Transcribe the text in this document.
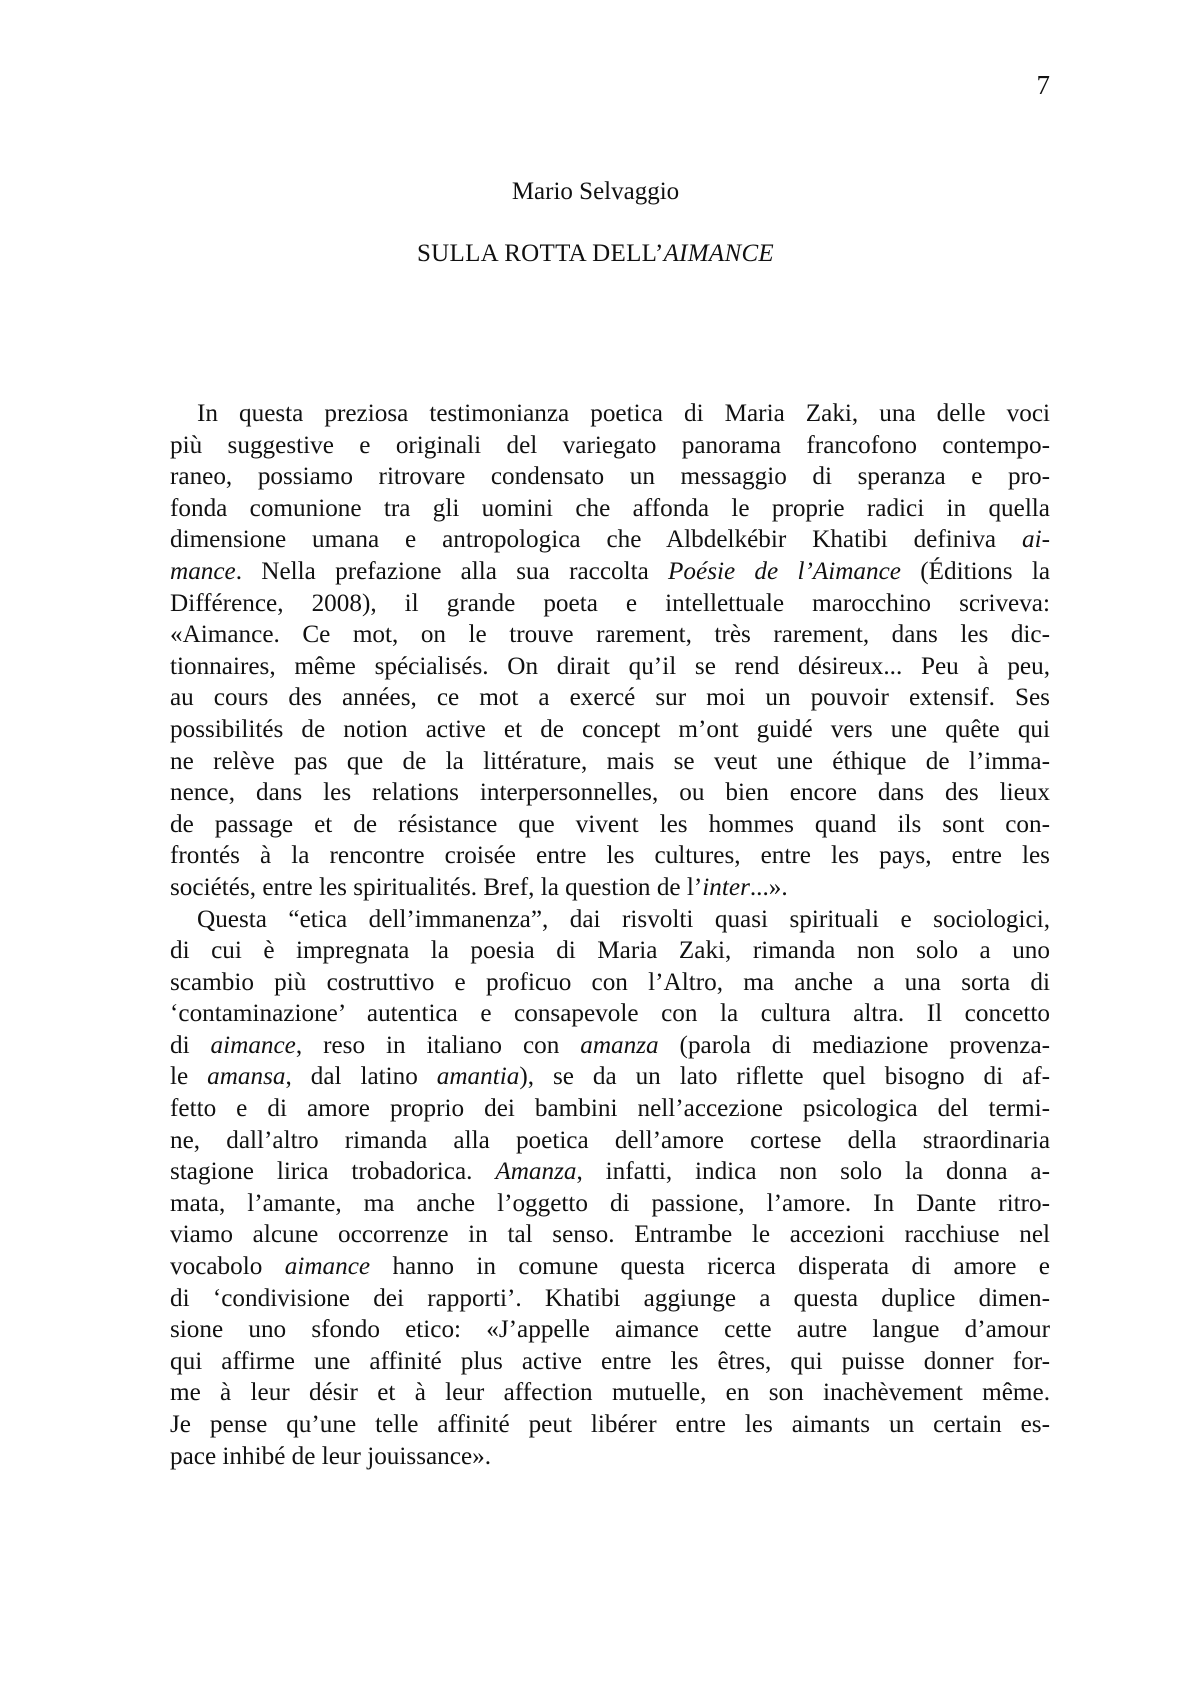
7
Mario Selvaggio
SULLA ROTTA DELL’AIMANCE
In questa preziosa testimonianza poetica di Maria Zaki, una delle voci
più suggestive e originali del variegato panorama francofono contempo-
raneo, possiamo ritrovare condensato un messaggio di speranza e pro-
fonda comunione tra gli uomini che affonda le proprie radici in quella
dimensione umana e antropologica che Albdelkébir Khatibi definiva ai-
mance. Nella prefazione alla sua raccolta Poésie de l’Aimance (Éditions la
Différence, 2008), il grande poeta e intellettuale marocchino scriveva:
«Aimance. Ce mot, on le trouve rarement, très rarement, dans les dic-
tionnaires, même spécialisés. On dirait qu’il se rend désireux... Peu à peu,
au cours des années, ce mot a exercé sur moi un pouvoir extensif. Ses
possibilités de notion active et de concept m’ont guidé vers une quête qui
ne relève pas que de la littérature, mais se veut une éthique de l’imma-
nence, dans les relations interpersonnelles, ou bien encore dans des lieux
de passage et de résistance que vivent les hommes quand ils sont con-
frontés à la rencontre croisée entre les cultures, entre les pays, entre les
sociétés, entre les spiritualités. Bref, la question de l’inter...».
Questa “etica dell’immanenza”, dai risvolti quasi spirituali e sociologici,
di cui è impregnata la poesia di Maria Zaki, rimanda non solo a uno
scambio più costruttivo e proficuo con l’Altro, ma anche a una sorta di
‘contaminazione’ autentica e consapevole con la cultura altra. Il concetto
di aimance, reso in italiano con amanza (parola di mediazione provenza-
le amansa, dal latino amantia), se da un lato riflette quel bisogno di af-
fetto e di amore proprio dei bambini nell’accezione psicologica del termi-
ne, dall’altro rimanda alla poetica dell’amore cortese della straordinaria
stagione lirica trobadorica. Amanza, infatti, indica non solo la donna a-
mata, l’amante, ma anche l’oggetto di passione, l’amore. In Dante ritro-
viamo alcune occorrenze in tal senso. Entrambe le accezioni racchiuse nel
vocabolo aimance hanno in comune questa ricerca disperata di amore e
di ‘condivisione dei rapporti’. Khatibi aggiunge a questa duplice dimen-
sione uno sfondo etico: «J’appelle aimance cette autre langue d’amour
qui affirme une affinité plus active entre les êtres, qui puisse donner for-
me à leur désir et à leur affection mutuelle, en son inachèvement même.
Je pense qu’une telle affinité peut libérer entre les aimants un certain es-
pace inhibé de leur jouissance».
